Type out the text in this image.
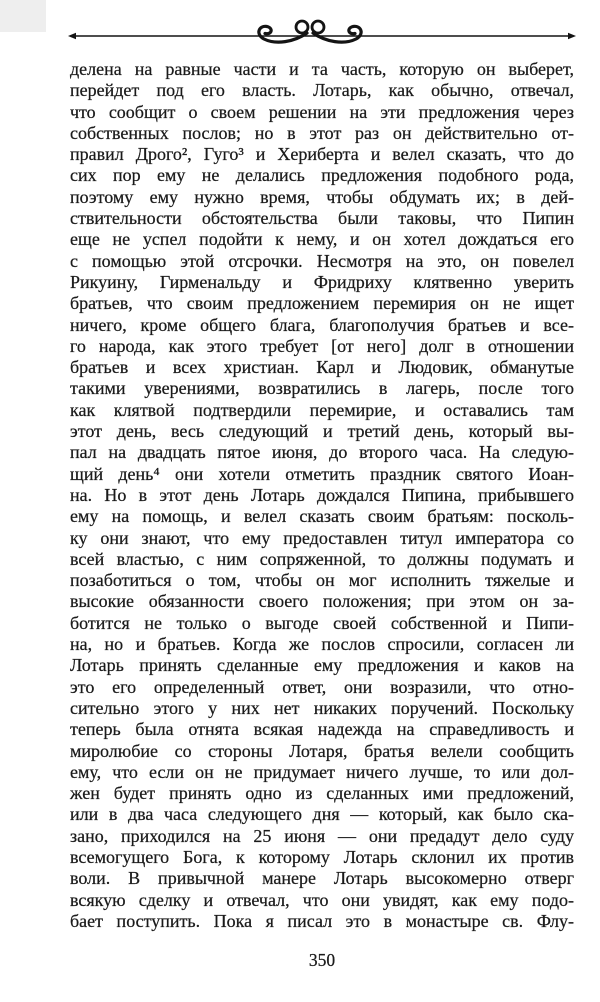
делена на равные части и та часть, которую он выберет,
перейдет под его власть. Лотарь, как обычно, отвечал,
что сообщит о своем решении на эти предложения через
собственных послов; но в этот раз он действительно от-
правил Дрого², Гуго³ и Хериберта и велел сказать, что до
сих пор ему не делались предложения подобного рода,
поэтому ему нужно время, чтобы обдумать их; в дей-
ствительности обстоятельства были таковы, что Пипин
еще не успел подойти к нему, и он хотел дождаться его
с помощью этой отсрочки. Несмотря на это, он повелел
Рикуину, Гирменальду и Фридриху клятвенно уверить
братьев, что своим предложением перемирия он не ищет
ничего, кроме общего блага, благополучия братьев и все-
го народа, как этого требует [от него] долг в отношении
братьев и всех христиан. Карл и Людовик, обманутые
такими уверениями, возвратились в лагерь, после того
как клятвой подтвердили перемирие, и оставались там
этот день, весь следующий и третий день, который вы-
пал на двадцать пятое июня, до второго часа. На следую-
щий день⁴ они хотели отметить праздник святого Иоан-
на. Но в этот день Лотарь дождался Пипина, прибывшего
ему на помощь, и велел сказать своим братьям: посколь-
ку они знают, что ему предоставлен титул императора со
всей властью, с ним сопряженной, то должны подумать и
позаботиться о том, чтобы он мог исполнить тяжелые и
высокие обязанности своего положения; при этом он за-
ботится не только о выгоде своей собственной и Пипи-
на, но и братьев. Когда же послов спросили, согласен ли
Лотарь принять сделанные ему предложения и каков на
это его определенный ответ, они возразили, что отно-
сительно этого у них нет никаких поручений. Поскольку
теперь была отнята всякая надежда на справедливость и
миролюбие со стороны Лотаря, братья велели сообщить
ему, что если он не придумает ничего лучше, то или дол-
жен будет принять одно из сделанных ими предложений,
или в два часа следующего дня — который, как было ска-
зано, приходился на 25 июня — они предадут дело суду
всемогущего Бога, к которому Лотарь склонил их против
воли. В привычной манере Лотарь высокомерно отверг
всякую сделку и отвечал, что они увидят, как ему подо-
бает поступить. Пока я писал это в монастыре св. Флу-
350
